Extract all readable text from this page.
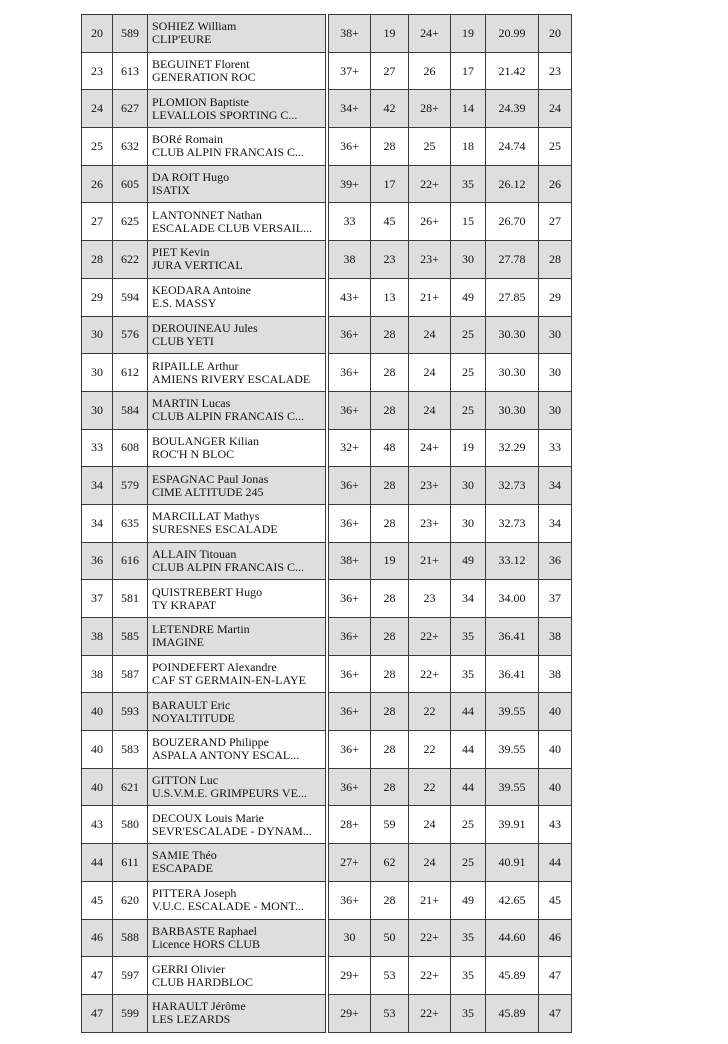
20	589	SOHIEZ William
CLIP'EURE		38+	19	24+	19	20.99	20
23	613	BEGUINET Florent
GENERATION ROC		37+	27	26	17	21.42	23
24	627	PLOMION Baptiste
LEVALLOIS SPORTING C...		34+	42	28+	14	24.39	24
25	632	BORé Romain
CLUB ALPIN FRANCAIS C...		36+	28	25	18	24.74	25
26	605	DA ROIT Hugo
ISATIX		39+	17	22+	35	26.12	26
27	625	LANTONNET Nathan
ESCALADE CLUB VERSAIL...		33	45	26+	15	26.70	27
28	622	PIET Kevin
JURA VERTICAL		38	23	23+	30	27.78	28
29	594	KEODARA Antoine
E.S. MASSY		43+	13	21+	49	27.85	29
30	576	DEROUINEAU Jules
CLUB YETI		36+	28	24	25	30.30	30
30	612	RIPAILLE Arthur
AMIENS RIVERY ESCALADE		36+	28	24	25	30.30	30
30	584	MARTIN Lucas
CLUB ALPIN FRANCAIS C...		36+	28	24	25	30.30	30
33	608	BOULANGER Kilian
ROC'H N BLOC		32+	48	24+	19	32.29	33
34	579	ESPAGNAC Paul Jonas
CIME ALTITUDE 245		36+	28	23+	30	32.73	34
34	635	MARCILLAT Mathys
SURESNES ESCALADE		36+	28	23+	30	32.73	34
36	616	ALLAIN Titouan
CLUB ALPIN FRANCAIS C...		38+	19	21+	49	33.12	36
37	581	QUISTREBERT Hugo
TY KRAPAT		36+	28	23	34	34.00	37
38	585	LETENDRE Martin
IMAGINE		36+	28	22+	35	36.41	38
38	587	POINDEFERT Alexandre
CAF ST GERMAIN-EN-LAYE		36+	28	22+	35	36.41	38
40	593	BARAULT Eric
NOYALTITUDE		36+	28	22	44	39.55	40
40	583	BOUZERAND Philippe
ASPALA ANTONY ESCAL...		36+	28	22	44	39.55	40
40	621	GITTON Luc
U.S.V.M.E. GRIMPEURS VE...		36+	28	22	44	39.55	40
43	580	DECOUX Louis Marie
SEVR'ESCALADE - DYNAM...		28+	59	24	25	39.91	43
44	611	SAMIE Théo
ESCAPADE		27+	62	24	25	40.91	44
45	620	PITTERA Joseph
V.U.C. ESCALADE - MONT...		36+	28	21+	49	42.65	45
46	588	BARBASTE Raphael
Licence HORS CLUB		30	50	22+	35	44.60	46
47	597	GERRI Olivier
CLUB HARDBLOC		29+	53	22+	35	45.89	47
47	599	HARAULT Jérôme
LES LEZARDS		29+	53	22+	35	45.89	47
